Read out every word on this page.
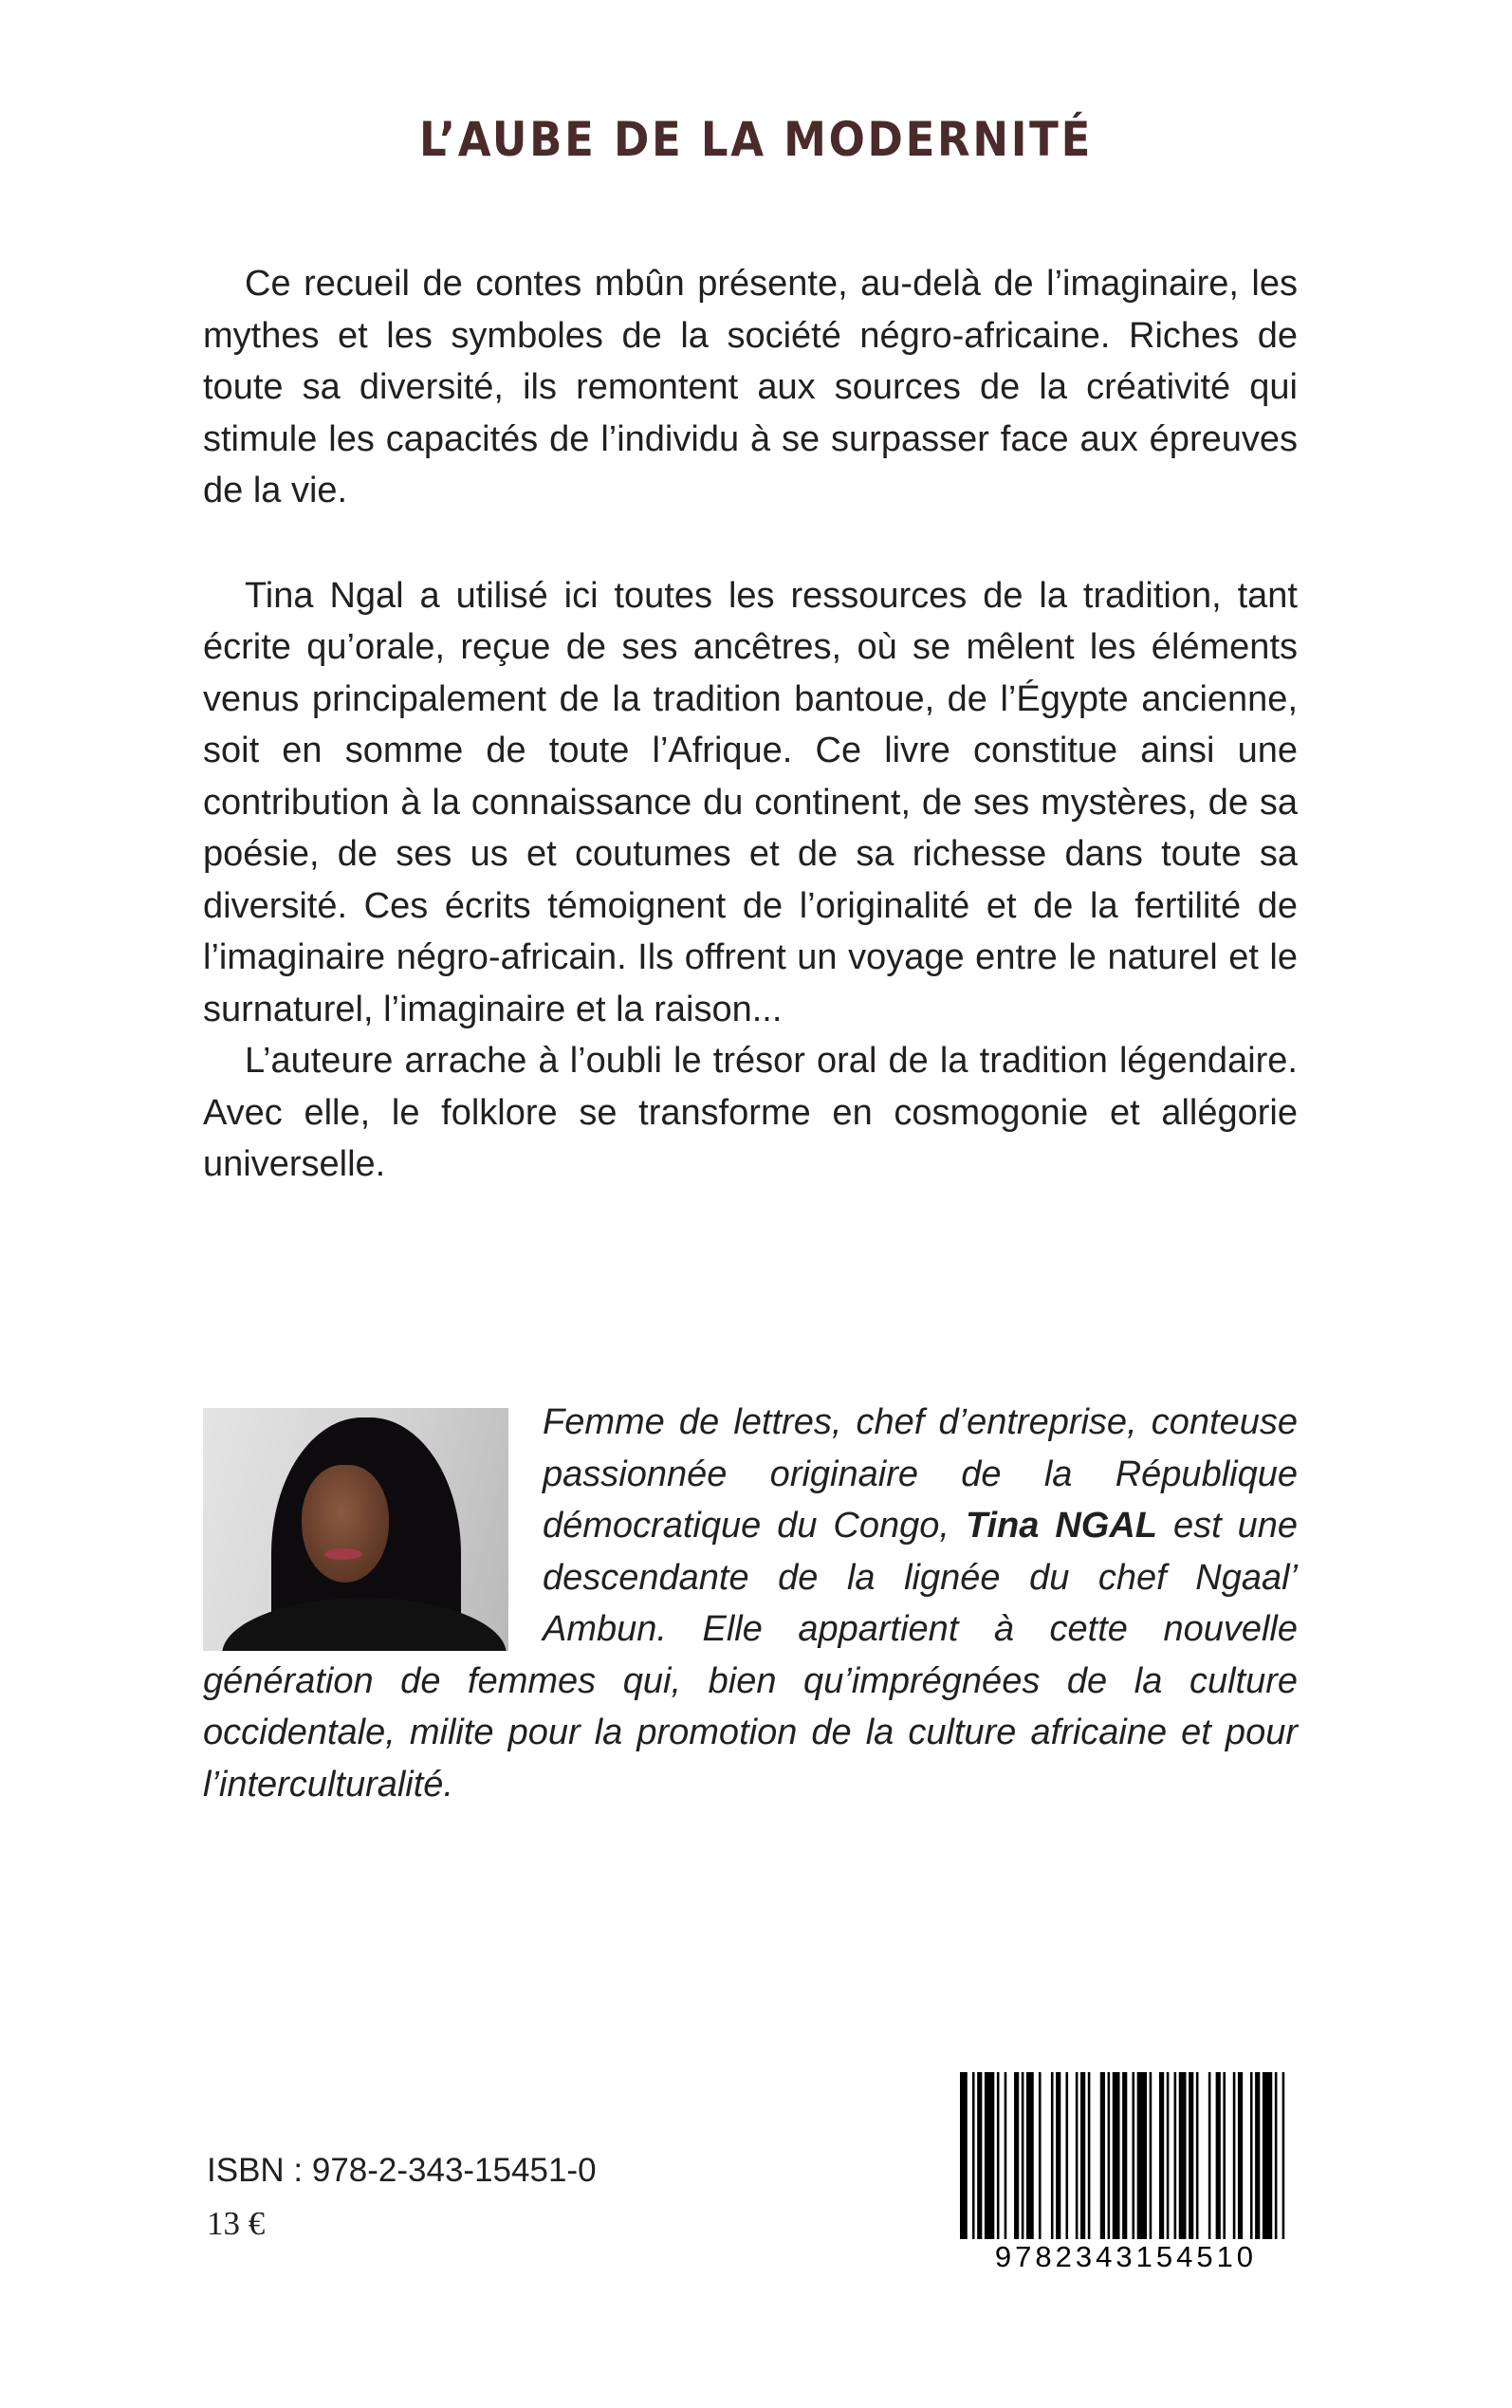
L’AUBE DE LA MODERNITÉ

Ce recueil de contes mbûn présente, au-delà de l’imaginaire, les mythes et les symboles de la société négro-africaine. Riches de toute sa diversité, ils remontent aux sources de la créativité qui stimule les capacités de l’individu à se surpasser face aux épreuves de la vie.

Tina Ngal a utilisé ici toutes les ressources de la tradition, tant écrite qu’orale, reçue de ses ancêtres, où se mêlent les éléments venus principalement de la tradition bantoue, de l’Égypte ancienne, soit en somme de toute l’Afrique. Ce livre constitue ainsi une contribution à la connaissance du continent, de ses mystères, de sa poésie, de ses us et coutumes et de sa richesse dans toute sa diversité. Ces écrits témoignent de l’originalité et de la fertilité de l’imaginaire négro-africain. Ils offrent un voyage entre le naturel et le surnaturel, l’imaginaire et la raison...

L’auteure arrache à l’oubli le trésor oral de la tradition légendaire. Avec elle, le folklore se transforme en cosmogonie et allégorie universelle.

Femme de lettres, chef d’entreprise, conteuse passionnée originaire de la République démocratique du Congo, Tina NGAL est une descendante de la lignée du chef Ngaal’ Ambun. Elle appartient à cette nouvelle génération de femmes qui, bien qu’imprégnées de la culture occidentale, milite pour la promotion de la culture africaine et pour l’interculturalité.
ISBN : 978-2-343-15451-0
13 €
9782343154510
